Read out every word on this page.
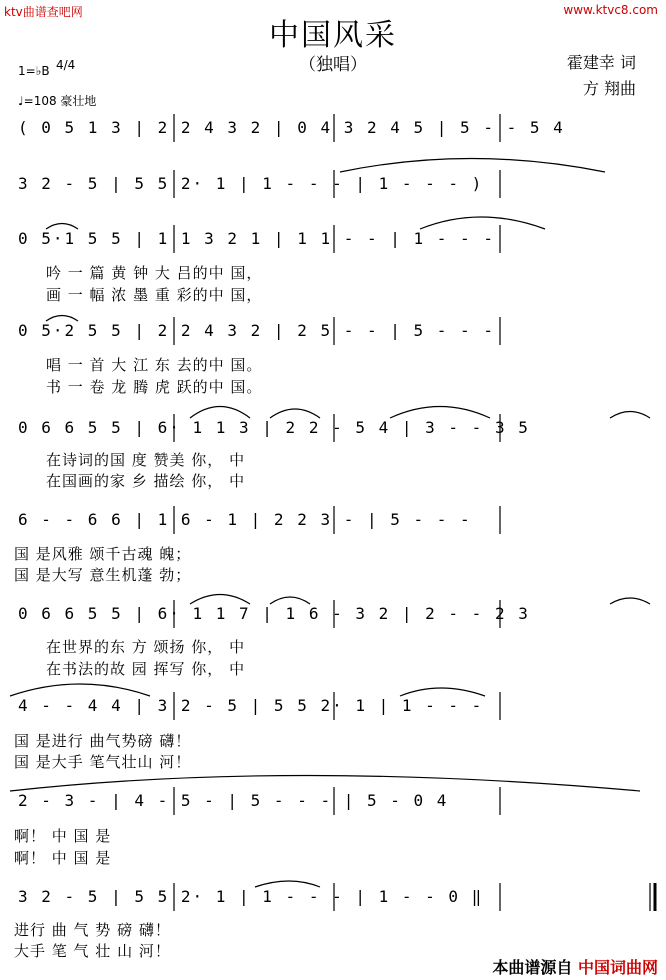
ktv曲谱查吧网	www.ktvc8.com
中国风采
（独唱）	霍建幸 词
方 翔曲
1=♭B 4/4
♩=108 豪壮地
( 0 5 1 3 | 2 2 4 3 2 | 0 4 3 2 4 5 | 5 - - 5 4
3 2 - 5 | 5 5 2· 1 | 1 - - - | 1 - - - )
0 5·1 5 5 | 1 1 3 2 1 | 1 1 - - | 1 - - -
吟 一 篇 黄 钟 大 吕的中 国，
画 一 幅 浓 墨 重 彩的中 国，
0 5·2 5 5 | 2 2 4 3 2 | 2 5 - - | 5 - - -
唱 一 首 大 江 东 去的中 国。
书 一 卷 龙 腾 虎 跃的中 国。
0 6 6 5 5 | 6· 1 1 3 | 2 2 - 5 4 | 3 - - 3 5
在诗词的国 度 赞美 你， 中
在国画的家 乡 描绘 你， 中
6 - - 6 6 | 1 6 - 1 | 2 2 3 - | 5 - - -
国 是风雅 颂千古魂 魄；
国 是大写 意生机蓬 勃；
0 6 6 5 5 | 6· 1 1 7 | 1 6 - 3 2 | 2 - - 2 3
在世界的东 方 颂扬 你， 中
在书法的故 园 挥写 你， 中
4 - - 4 4 | 3 2 - 5 | 5 5 2· 1 | 1 - - -
国 是进行 曲气势磅 礴！
国 是大手 笔气壮山 河！
2 - 3 - | 4 - 5 - | 5 - - - | 5 - 0 4
啊！ 中 国 是
啊！ 中 国 是
3 2 - 5 | 5 5 2· 1 | 1 - - - | 1 - - 0 ‖
进行 曲 气 势 磅 礴！
大手 笔 气 壮 山 河！
本曲谱源自 中国词曲网
